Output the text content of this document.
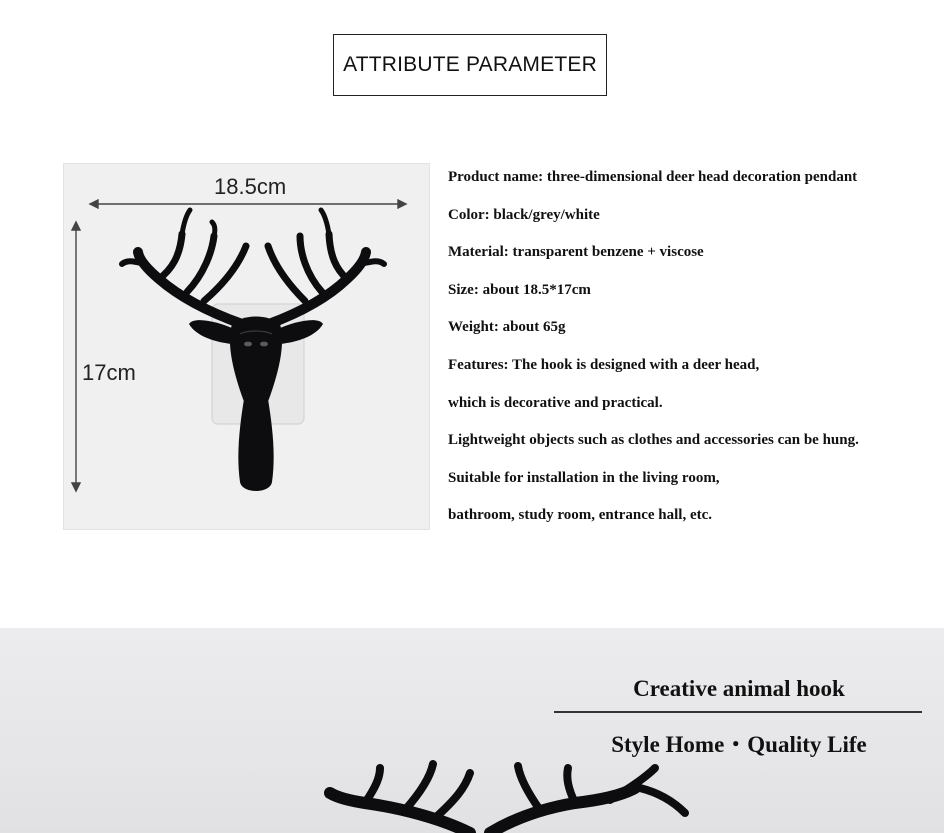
ATTRIBUTE PARAMETER
18.5cm
17cm
Product name: three-dimensional deer head decoration pendant
Color: black/grey/white
Material: transparent benzene + viscose
Size: about 18.5*17cm
Weight: about 65g
Features: The hook is designed with a deer head,
which is decorative and practical.
Lightweight objects such as clothes and accessories can be hung.
Suitable for installation in the living room,
bathroom, study room, entrance hall, etc.
Creative animal hook
Style Home・Quality Life
